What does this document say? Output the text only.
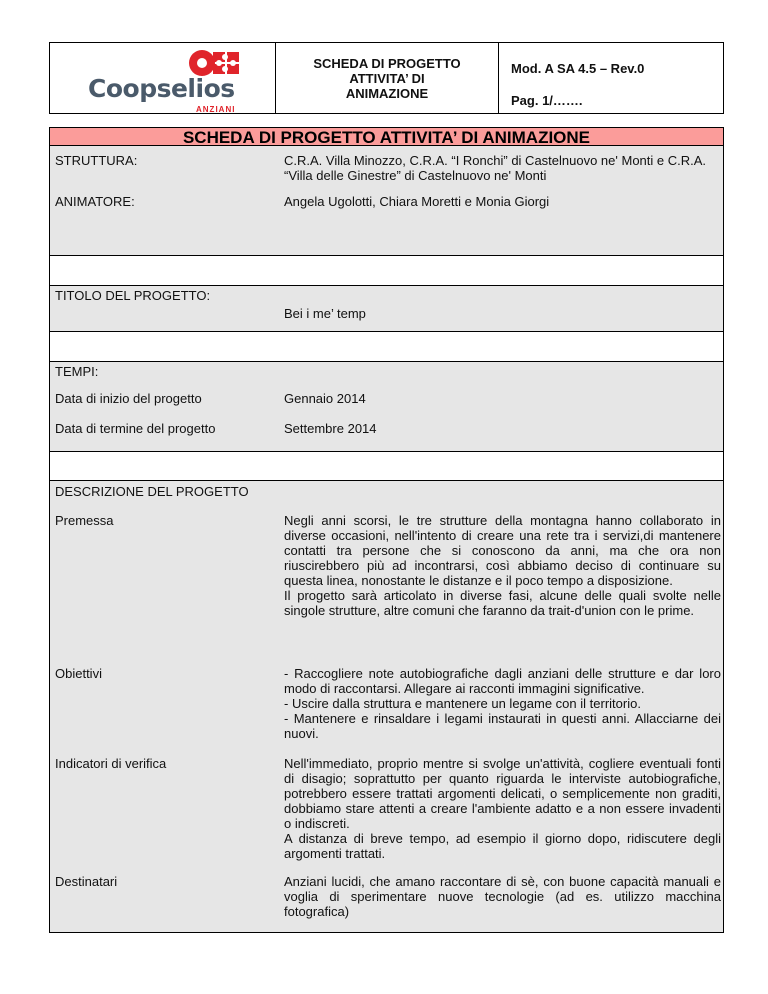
Coopselios
ANZIANI
SCHEDA DI PROGETTO
ATTIVITA’ DI
ANIMAZIONE
Mod. A SA 4.5 – Rev.0
Pag. 1/…….
SCHEDA DI PROGETTO ATTIVITA’ DI ANIMAZIONE
STRUTTURA:	C.R.A. Villa Minozzo, C.R.A. “I Ronchi” di Castelnuovo ne' Monti e C.R.A. “Villa delle Ginestre” di Castelnuovo ne' Monti
ANIMATORE:	Angela Ugolotti, Chiara Moretti e Monia Giorgi
TITOLO DEL PROGETTO:
Bei i me’ temp
TEMPI:
Data di inizio del progetto	Gennaio 2014
Data di termine del progetto	Settembre 2014
DESCRIZIONE DEL PROGETTO
Premessa	Negli anni scorsi, le tre strutture della montagna hanno collaborato in diverse occasioni, nell'intento di creare una rete tra i servizi,di mantenere contatti tra persone che si conoscono da anni, ma che ora non riuscirebbero più ad incontrarsi, così abbiamo deciso di continuare su questa linea, nonostante le distanze e il poco tempo a disposizione.

Il progetto sarà articolato in diverse fasi, alcune delle quali svolte nelle singole strutture, altre comuni che faranno da trait-d'union con le prime.

Obiettivi	- Raccogliere note autobiografiche dagli anziani delle strutture e dar loro modo di raccontarsi. Allegare ai racconti immagini significative.

- Uscire dalla struttura e mantenere un legame con il territorio.

- Mantenere e rinsaldare i legami instaurati in questi anni. Allacciarne dei nuovi.

Indicatori di verifica	Nell'immediato, proprio mentre si svolge un'attività, cogliere eventuali fonti di disagio; soprattutto per quanto riguarda le interviste autobiografiche, potrebbero essere trattati argomenti delicati, o semplicemente non graditi, dobbiamo stare attenti a creare l'ambiente adatto e a non essere invadenti o indiscreti.

A distanza di breve tempo, ad esempio il giorno dopo, ridiscutere degli argomenti trattati.

Destinatari	Anziani lucidi, che amano raccontare di sè, con buone capacità manuali e voglia di sperimentare nuove tecnologie (ad es. utilizzo macchina fotografica)
